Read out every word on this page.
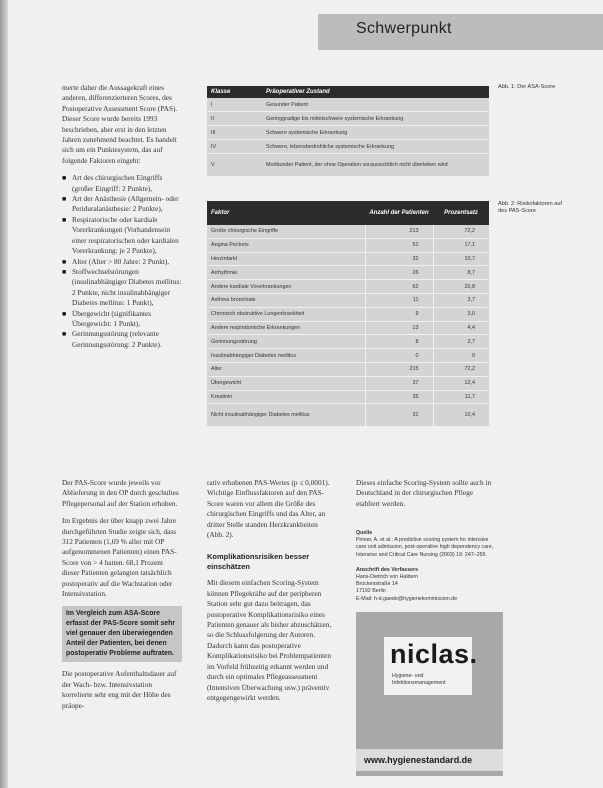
Schwerpunkt

merte daher die Aussagekraft eines anderen, differenzierteren Scores, des Postoperative Assessment Score (PAS). Dieser Score wurde bereits 1993 beschrieben, aber erst in den letzten Jahren zunehmend beachtet. Es handelt sich um ein Punktesystem, das auf folgende Faktoren eingeht:

■ Art des chirurgischen Eingriffs (großer Eingriff: 2 Punkte),
■ Art der Anästhesie (Allgemein- oder Periduralanästhesie: 2 Punkte),
■ Respiratorische oder kardiale Vorerkrankungen (Vorhandensein einer respiratorischen oder kardialen Vorerkrankung: je 2 Punkte),
■ Alter (Alter > 80 Jahre: 2 Punkt),
■ Stoffwechselstörungen (insulinabhängiger Diabetes mellitus: 2 Punkte, nicht insulinabhängiger Diabetes mellitus: 1 Punkt),
■ Übergewicht (signifikantes Übergewicht: 1 Punkt),
■ Gerinnungsstörung (relevante Gerinnungsstörung: 2 Punkte).
Klasse	Präoperativer Zustand
I	Gesunder Patient
II	Geringgradige bis mittelschwere systemische Erkrankung
III	Schwere systemische Erkrankung
IV	Schwere, lebensbedrohliche systemische Erkrankung
V	Moribunder Patient, der ohne Operation voraussichtlich nicht überleben wird
Abb. 1: Der ASA-Score
Faktor	Anzahl der Patienten	Prozentsatz
Große chirurgische Eingriffe	213	72,2
Angina Pectoris	51	17,1
Herzinfarkt	32	10,7
Arrhythmie	26	8,7
Andere kardiale Vorerkrankungen	62	20,8
Asthma bronchiale	11	3,7
Chronisch obstruktive Lungenkrankheit	9	3,0
Andere respiratorische Erkrankungen	13	4,4
Gerinnungsstörung	8	2,7
Insulinabhängiger Diabetes mellitus	0	0
Alter	215	72,2
Übergewicht	37	12,4
Kreatinin	35	11,7
Nicht insulinabhängiger Diabetes mellitus	31	10,4
Abb. 2: Risikofaktoren auf des PAS-Score

Der PAS-Score wurde jeweils vor Ablieferung in den OP durch geschultes Pflegepersonal auf der Station erhoben.

Im Ergebnis der über knapp zwei Jahre durchgeführten Studie zeigte sich, dass 312 Patienten (1,69 % aller mit OP aufgenommenen Patienten) einen PAS-Score von > 4 hatten. 68,1 Prozent dieser Patienten gelangten tatsächlich postoperativ auf die Wachstation oder Intensivstation.

Im Vergleich zum ASA-Score erfasst der PAS-Score somit sehr viel genauer den überwiegenden Anteil der Patienten, bei denen postoperativ Probleme auftraten.

Die postoperative Aufenthaltsdauer auf der Wach- bzw. Intensivstation korrelierte sehr eng mit der Höhe des präope-

rativ erhobenen PAS-Wertes (p ≤ 0,0001). Wichtige Einflussfaktoren auf den PAS-Score waren vor allem die Größe des chirurgischen Eingriffs und das Alter, an dritter Stelle standen Herzkrankheiten (Abb. 2).

Komplikationsrisiken besser einschätzen

Mit diesem einfachen Scoring-System können Pflegekräfte auf der peripheren Station sehr gut dazu beitragen, das postoperative Komplikationsrisiko eines Patienten genauer als bisher abzuschätzen, so die Schlussfolgerung der Autoren. Dadurch kann das postoperative Komplikationsrisiko bei Problempatienten im Vorfeld frühzeitig erkannt werden und durch ein optimales Pflegeassessment (Intensiven Überwachung usw.) präventiv entgegengewirkt werden.

Dieses einfache Scoring-System sollte auch in Deutschland in der chirurgischen Pflege etabliert werden.

Quelle
Pinner, A. et al.: A predictive scoring system for intensive care unit admission, post-operative high dependency care, Intensive and Critical Care Nursing (2003) 19: 247–255
Anschrift des Verfassers
Hans-Dietrich von Haldern
Brückenstraße 14
17192 Berlin
E-Mail: h-d.gaede@hygienekommission.de
niclas.
Hygiene- und Infektionsmanagement
www.hygienestandard.de
